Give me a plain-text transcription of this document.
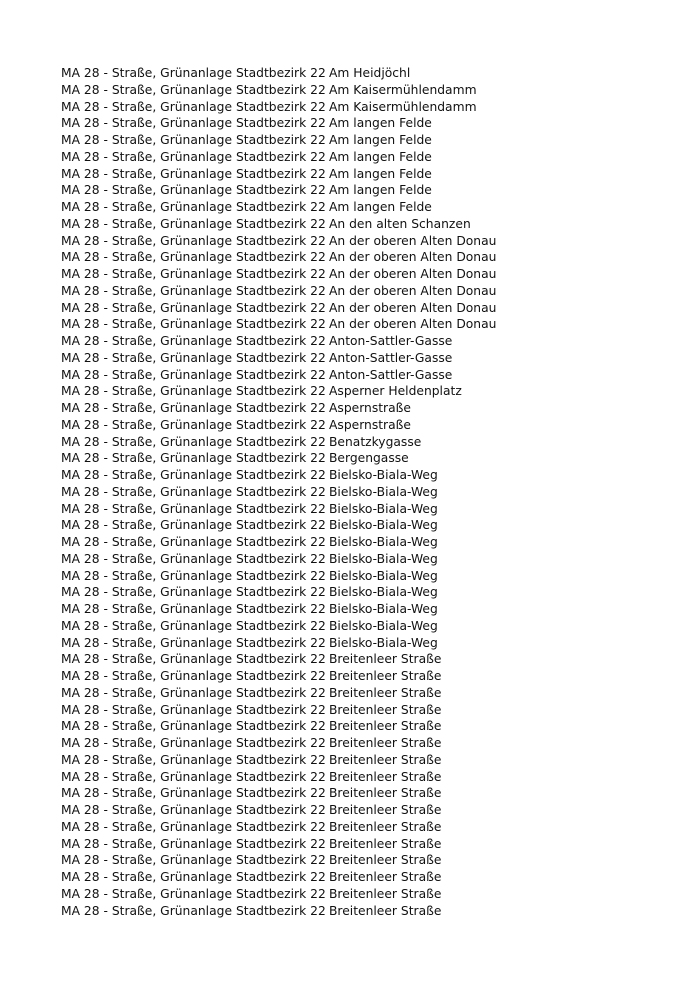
MA 28 - Straße, Grünanlage Stadtbezirk 22 Am Heidjöchl
MA 28 - Straße, Grünanlage Stadtbezirk 22 Am Kaisermühlendamm
MA 28 - Straße, Grünanlage Stadtbezirk 22 Am Kaisermühlendamm
MA 28 - Straße, Grünanlage Stadtbezirk 22 Am langen Felde
MA 28 - Straße, Grünanlage Stadtbezirk 22 Am langen Felde
MA 28 - Straße, Grünanlage Stadtbezirk 22 Am langen Felde
MA 28 - Straße, Grünanlage Stadtbezirk 22 Am langen Felde
MA 28 - Straße, Grünanlage Stadtbezirk 22 Am langen Felde
MA 28 - Straße, Grünanlage Stadtbezirk 22 Am langen Felde
MA 28 - Straße, Grünanlage Stadtbezirk 22 An den alten Schanzen
MA 28 - Straße, Grünanlage Stadtbezirk 22 An der oberen Alten Donau
MA 28 - Straße, Grünanlage Stadtbezirk 22 An der oberen Alten Donau
MA 28 - Straße, Grünanlage Stadtbezirk 22 An der oberen Alten Donau
MA 28 - Straße, Grünanlage Stadtbezirk 22 An der oberen Alten Donau
MA 28 - Straße, Grünanlage Stadtbezirk 22 An der oberen Alten Donau
MA 28 - Straße, Grünanlage Stadtbezirk 22 An der oberen Alten Donau
MA 28 - Straße, Grünanlage Stadtbezirk 22 Anton-Sattler-Gasse
MA 28 - Straße, Grünanlage Stadtbezirk 22 Anton-Sattler-Gasse
MA 28 - Straße, Grünanlage Stadtbezirk 22 Anton-Sattler-Gasse
MA 28 - Straße, Grünanlage Stadtbezirk 22 Asperner Heldenplatz
MA 28 - Straße, Grünanlage Stadtbezirk 22 Aspernstraße
MA 28 - Straße, Grünanlage Stadtbezirk 22 Aspernstraße
MA 28 - Straße, Grünanlage Stadtbezirk 22 Benatzkygasse
MA 28 - Straße, Grünanlage Stadtbezirk 22 Bergengasse
MA 28 - Straße, Grünanlage Stadtbezirk 22 Bielsko-Biala-Weg
MA 28 - Straße, Grünanlage Stadtbezirk 22 Bielsko-Biala-Weg
MA 28 - Straße, Grünanlage Stadtbezirk 22 Bielsko-Biala-Weg
MA 28 - Straße, Grünanlage Stadtbezirk 22 Bielsko-Biala-Weg
MA 28 - Straße, Grünanlage Stadtbezirk 22 Bielsko-Biala-Weg
MA 28 - Straße, Grünanlage Stadtbezirk 22 Bielsko-Biala-Weg
MA 28 - Straße, Grünanlage Stadtbezirk 22 Bielsko-Biala-Weg
MA 28 - Straße, Grünanlage Stadtbezirk 22 Bielsko-Biala-Weg
MA 28 - Straße, Grünanlage Stadtbezirk 22 Bielsko-Biala-Weg
MA 28 - Straße, Grünanlage Stadtbezirk 22 Bielsko-Biala-Weg
MA 28 - Straße, Grünanlage Stadtbezirk 22 Bielsko-Biala-Weg
MA 28 - Straße, Grünanlage Stadtbezirk 22 Breitenleer Straße
MA 28 - Straße, Grünanlage Stadtbezirk 22 Breitenleer Straße
MA 28 - Straße, Grünanlage Stadtbezirk 22 Breitenleer Straße
MA 28 - Straße, Grünanlage Stadtbezirk 22 Breitenleer Straße
MA 28 - Straße, Grünanlage Stadtbezirk 22 Breitenleer Straße
MA 28 - Straße, Grünanlage Stadtbezirk 22 Breitenleer Straße
MA 28 - Straße, Grünanlage Stadtbezirk 22 Breitenleer Straße
MA 28 - Straße, Grünanlage Stadtbezirk 22 Breitenleer Straße
MA 28 - Straße, Grünanlage Stadtbezirk 22 Breitenleer Straße
MA 28 - Straße, Grünanlage Stadtbezirk 22 Breitenleer Straße
MA 28 - Straße, Grünanlage Stadtbezirk 22 Breitenleer Straße
MA 28 - Straße, Grünanlage Stadtbezirk 22 Breitenleer Straße
MA 28 - Straße, Grünanlage Stadtbezirk 22 Breitenleer Straße
MA 28 - Straße, Grünanlage Stadtbezirk 22 Breitenleer Straße
MA 28 - Straße, Grünanlage Stadtbezirk 22 Breitenleer Straße
MA 28 - Straße, Grünanlage Stadtbezirk 22 Breitenleer Straße
